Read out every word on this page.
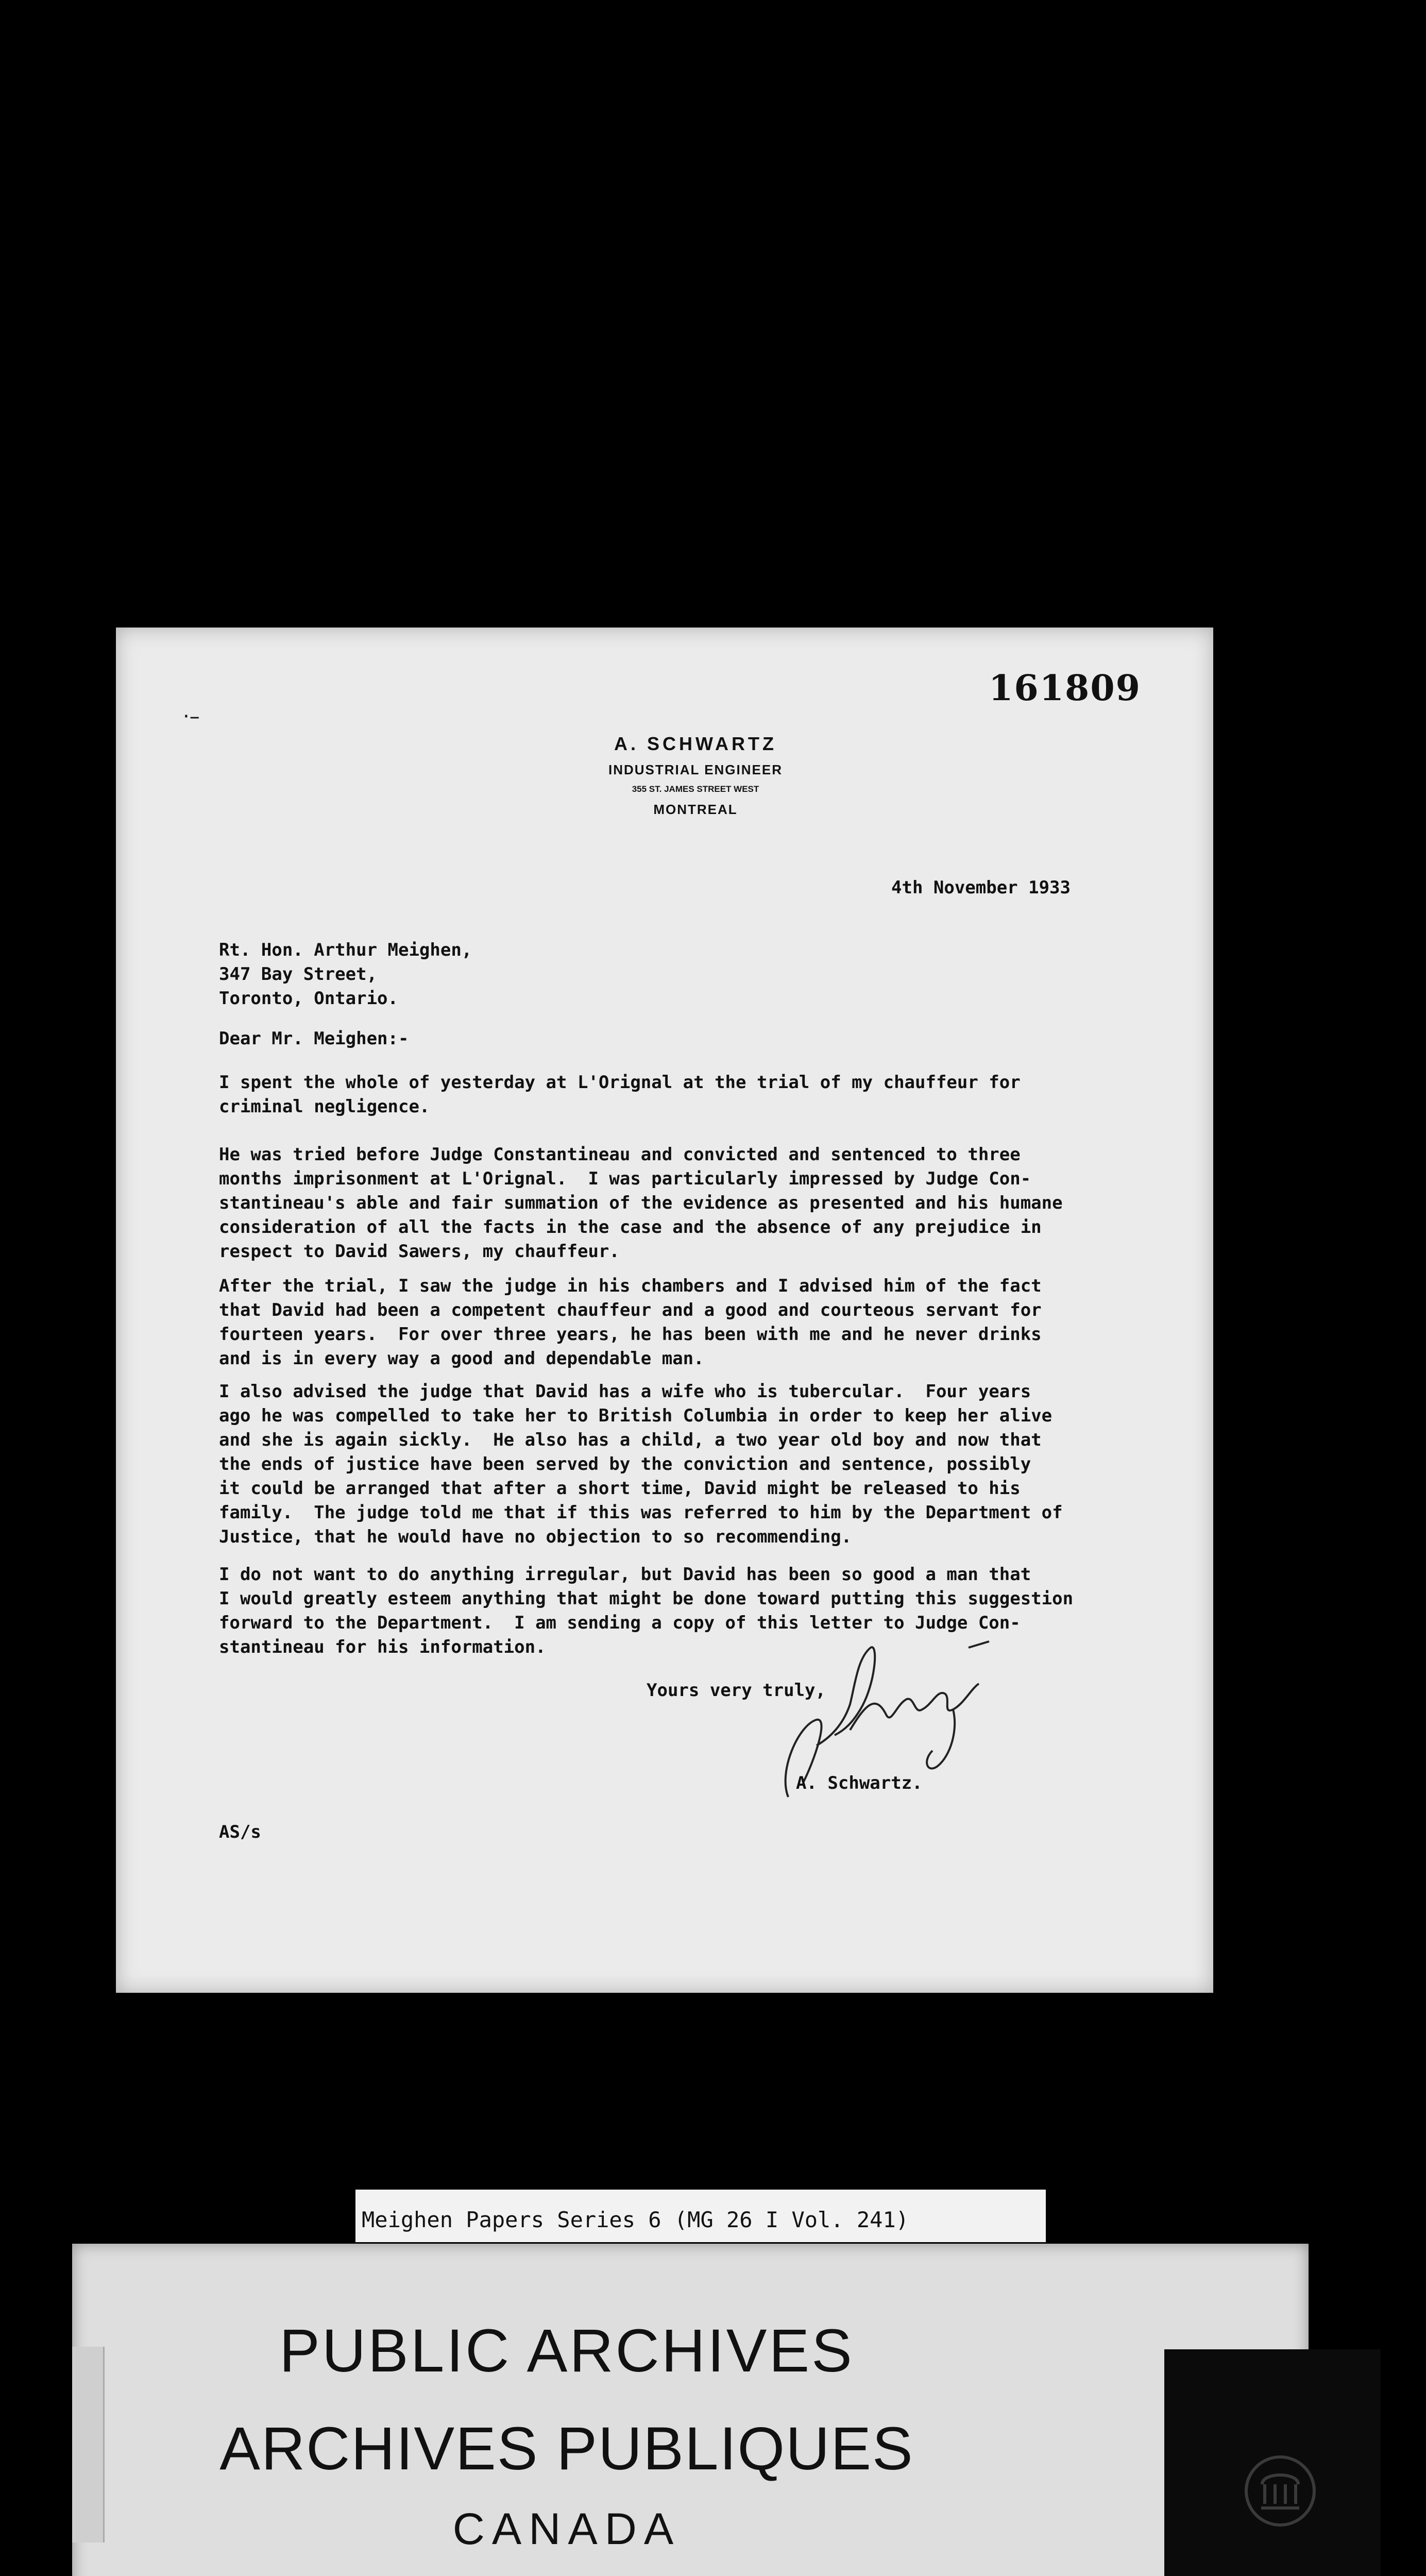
161809
·–
A. SCHWARTZ
INDUSTRIAL ENGINEER
355 ST. JAMES STREET WEST
MONTREAL
4th November 1933
Rt. Hon. Arthur Meighen,
347 Bay Street,
Toronto, Ontario.
Dear Mr. Meighen:-
I spent the whole of yesterday at L'Orignal at the trial of my chauffeur for
criminal negligence.
He was tried before Judge Constantineau and convicted and sentenced to three
months imprisonment at L'Orignal.  I was particularly impressed by Judge Con-
stantineau's able and fair summation of the evidence as presented and his humane
consideration of all the facts in the case and the absence of any prejudice in
respect to David Sawers, my chauffeur.
After the trial, I saw the judge in his chambers and I advised him of the fact
that David had been a competent chauffeur and a good and courteous servant for
fourteen years.  For over three years, he has been with me and he never drinks
and is in every way a good and dependable man.
I also advised the judge that David has a wife who is tubercular.  Four years
ago he was compelled to take her to British Columbia in order to keep her alive
and she is again sickly.  He also has a child, a two year old boy and now that
the ends of justice have been served by the conviction and sentence, possibly
it could be arranged that after a short time, David might be released to his
family.  The judge told me that if this was referred to him by the Department of
Justice, that he would have no objection to so recommending.
I do not want to do anything irregular, but David has been so good a man that
I would greatly esteem anything that might be done toward putting this suggestion
forward to the Department.  I am sending a copy of this letter to Judge Con-
stantineau for his information.
Yours very truly,
A. Schwartz.
AS/s
Meighen Papers Series 6 (MG 26 I Vol. 241)
PUBLIC ARCHIVES
ARCHIVES PUBLIQUES
CANADA
